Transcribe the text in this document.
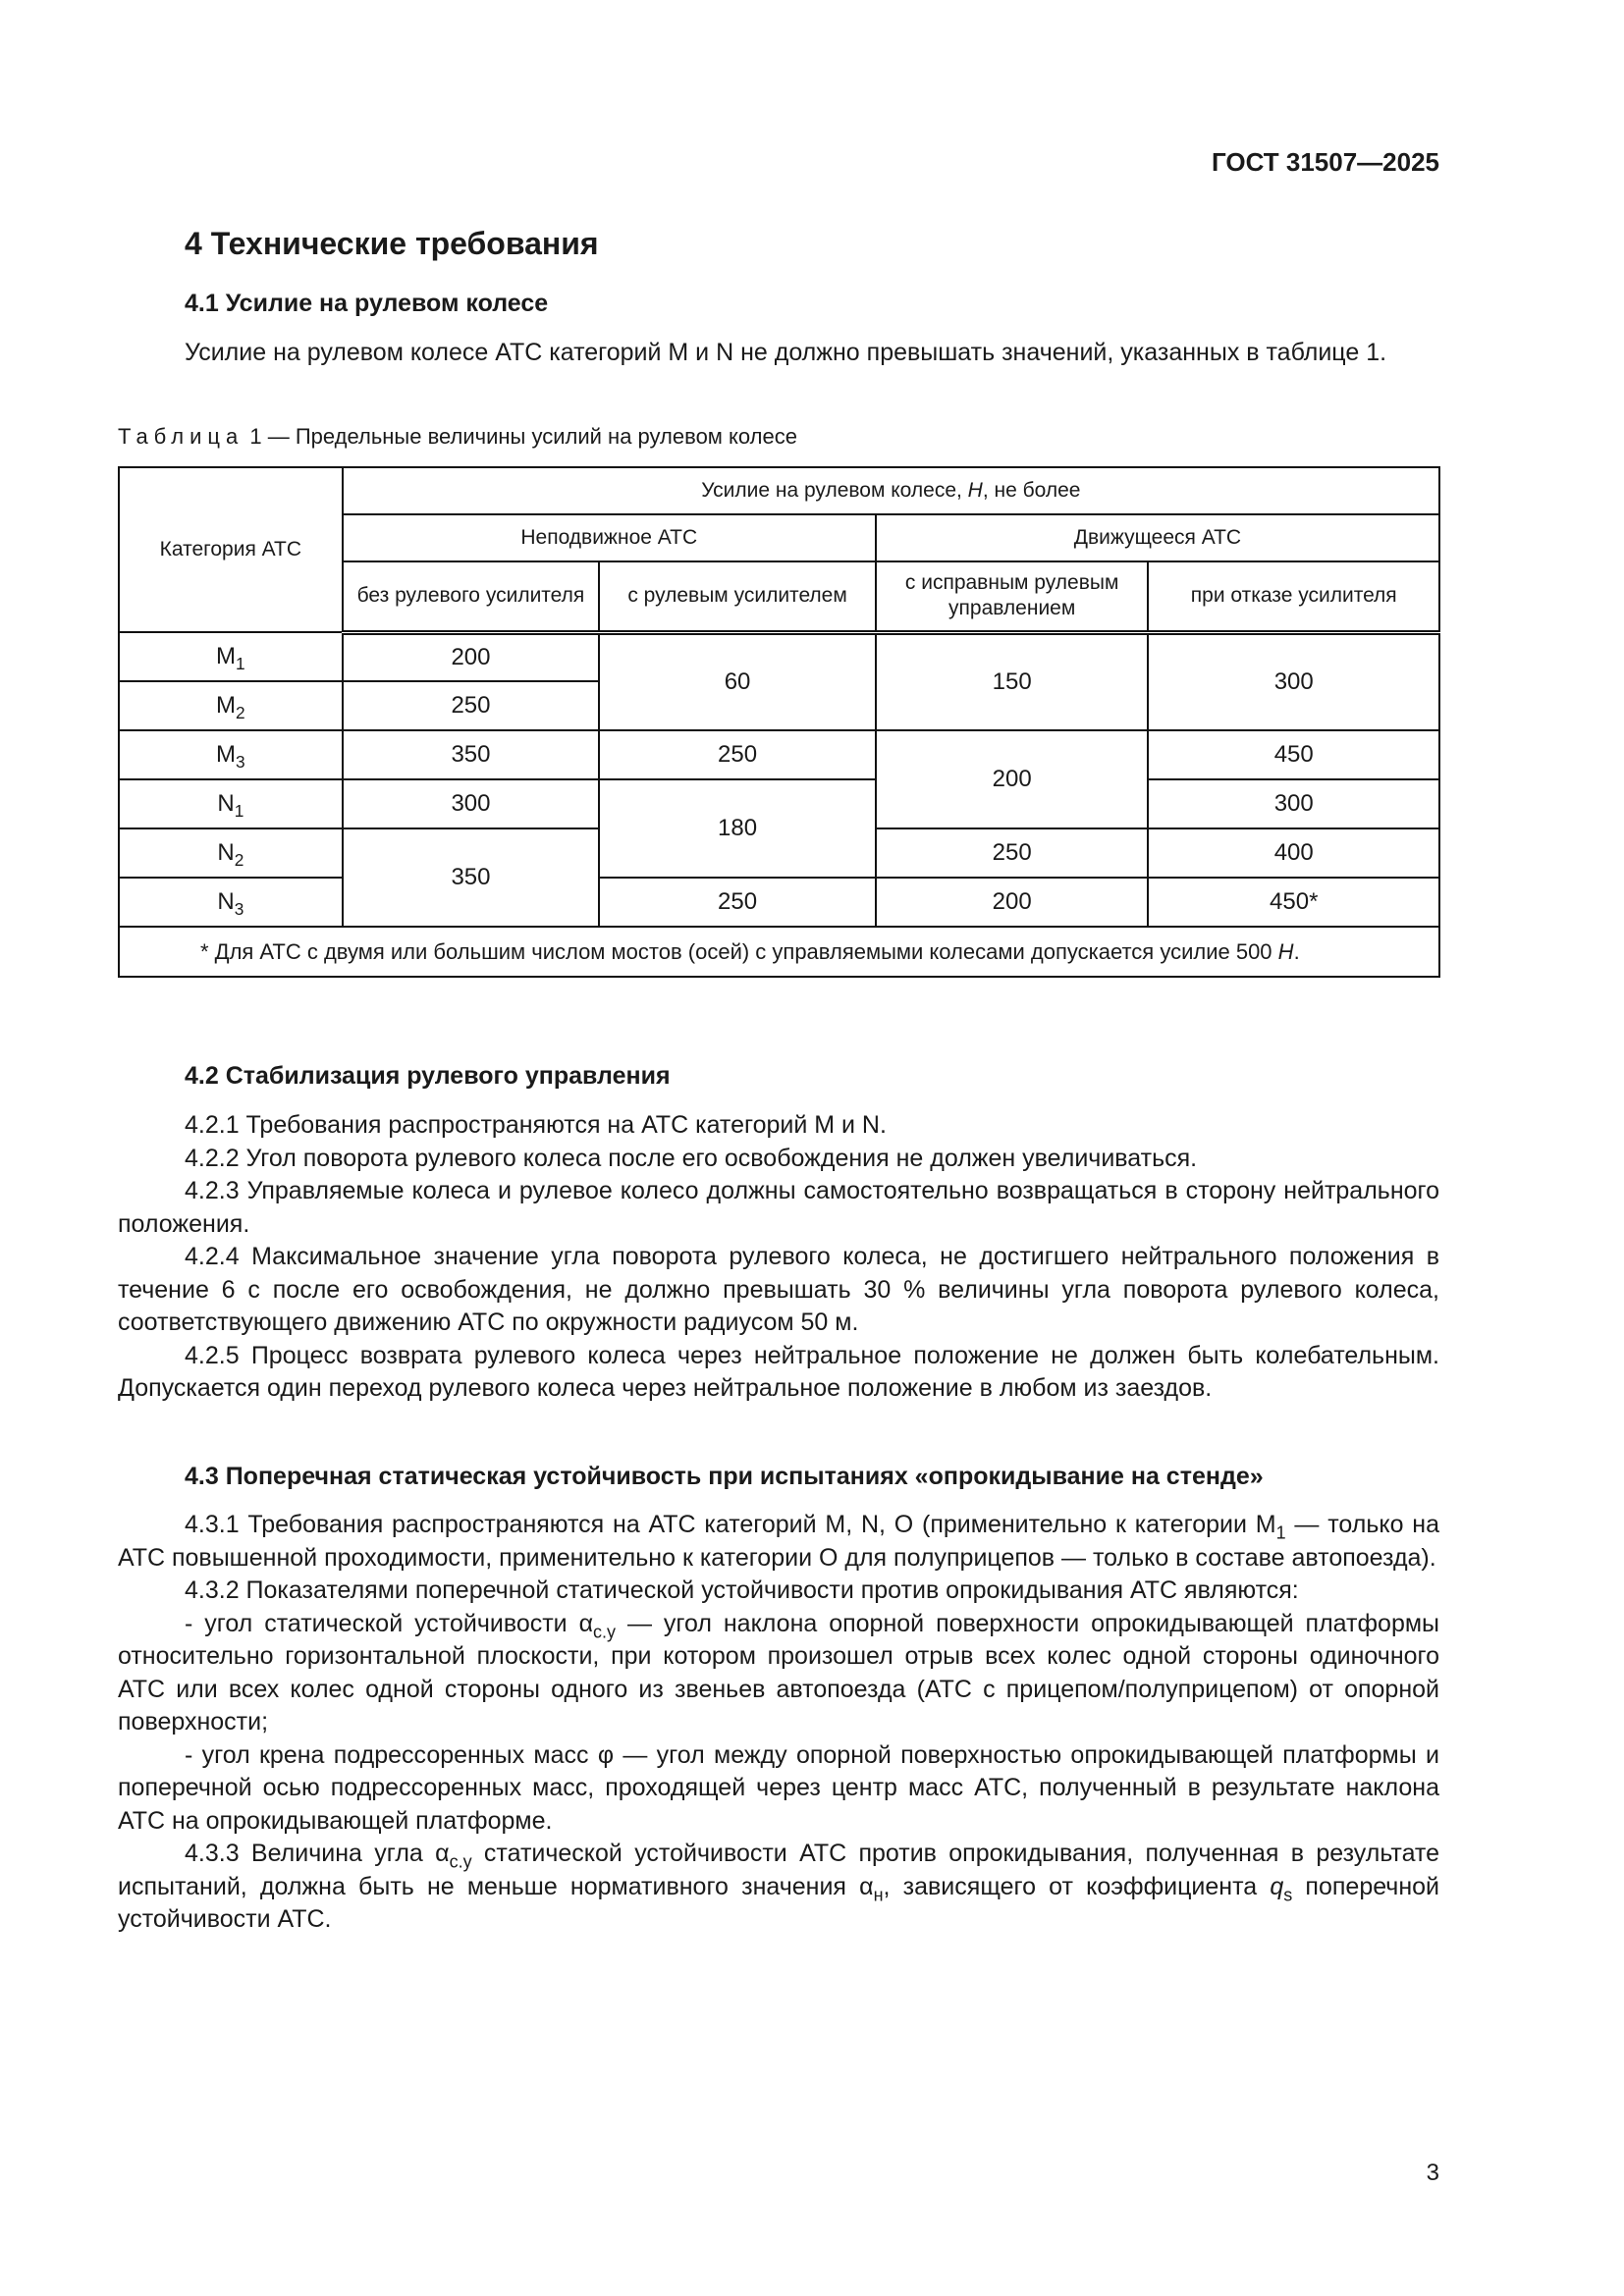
ГОСТ 31507—2025
4 Технические требования
4.1 Усилие на рулевом колесе

Усилие на рулевом колесе АТС категорий М и N не должно превышать значений, указанных в таблице 1.

Таблица 1 — Предельные величины усилий на рулевом колесе
Категория АТС	Усилие на рулевом колесе, Н, не более			
	Неподвижное АТС		Движущееся АТС	
	без рулевого усилителя	с рулевым усилителем	с исправным рулевым управлением	при отказе усилителя
$M_1$	200	60	150	300
$M_2$	250			
$M_3$	350	250	200	450
$N_1$	300	180		300
$N_2$	350		250	400
$N_3$		250	200	450*
* Для АТС с двумя или большим числом мостов (осей) с управляемыми колесами допускается усилие 500 Н.				
4.2 Стабилизация рулевого управления

4.2.1 Требования распространяются на АТС категорий М и N.

4.2.2 Угол поворота рулевого колеса после его освобождения не должен увеличиваться.

4.2.3 Управляемые колеса и рулевое колесо должны самостоятельно возвращаться в сторону нейтрального положения.

4.2.4 Максимальное значение угла поворота рулевого колеса, не достигшего нейтрального положения в течение 6 с после его освобождения, не должно превышать 30 % величины угла поворота рулевого колеса, соответствующего движению АТС по окружности радиусом 50 м.

4.2.5 Процесс возврата рулевого колеса через нейтральное положение не должен быть колебательным. Допускается один переход рулевого колеса через нейтральное положение в любом из заездов.

4.3 Поперечная статическая устойчивость при испытаниях «опрокидывание на стенде»

4.3.1 Требования распространяются на АТС категорий M, N, O (применительно к категории $M_1$ — только на АТС повышенной проходимости, применительно к категории О для полуприцепов — только в составе автопоезда).

4.3.2 Показателями поперечной статической устойчивости против опрокидывания АТС являются:

- угол статической устойчивости $\alpha_{c.y}$ — угол наклона опорной поверхности опрокидывающей платформы относительно горизонтальной плоскости, при котором произошел отрыв всех колес одной стороны одиночного АТС или всех колес одной стороны одного из звеньев автопоезда (АТС с прицепом/полуприцепом) от опорной поверхности;

- угол крена подрессоренных масс φ — угол между опорной поверхностью опрокидывающей платформы и поперечной осью подрессоренных масс, проходящей через центр масс АТС, полученный в результате наклона АТС на опрокидывающей платформе.

4.3.3 Величина угла $\alpha_{c.y}$ статической устойчивости АТС против опрокидывания, полученная в результате испытаний, должна быть не меньше нормативного значения $\alpha_н$, зависящего от коэффициента $q_s$ поперечной устойчивости АТС.

3
